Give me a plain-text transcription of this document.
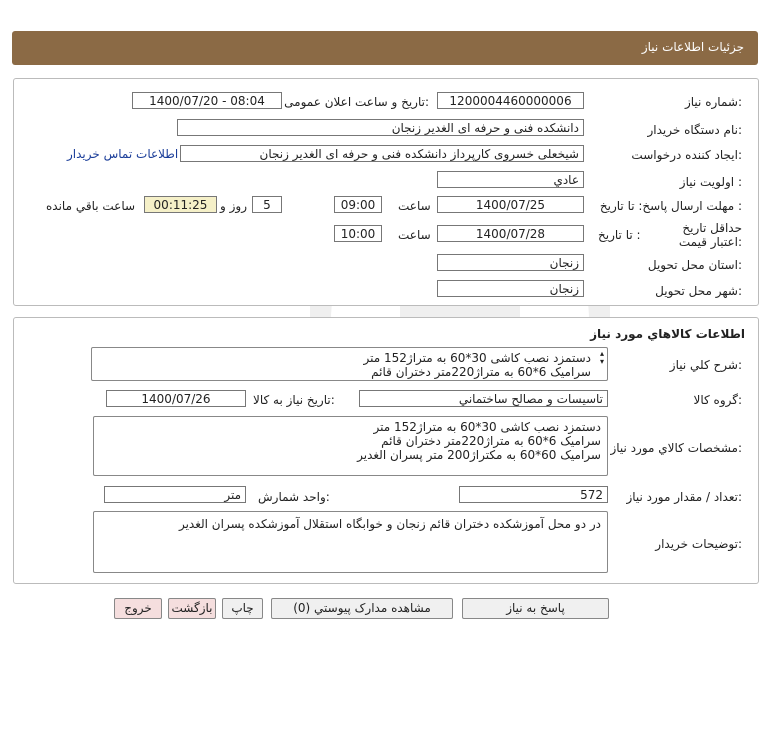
جزئيات اطلاعات نياز
شماره نياز:
1200004460000006
تاريخ و ساعت اعلان عمومی:
1400/07/20 - 08:04
نام دستگاه خريدار:
دانشکده فنی و حرفه ای الغدير زنجان
ايجاد کننده درخواست:
شيخعلی خسروی کارپرداز دانشکده فنی و حرفه ای الغدير زنجان
اطلاعات تماس خريدار
اولويت نياز :
عادي
مهلت ارسال پاسخ: تا تاريخ :
1400/07/25
ساعت
09:00
5
روز و
00:11:25
ساعت باقي مانده
حداقل تاريخ اعتبار قيمت:
تا تاريخ :
1400/07/28
ساعت
10:00
استان محل تحويل:
زنجان
شهر محل تحويل:
زنجان
اطلاعات کالاهاي مورد نياز
شرح کلي نياز:
دستمزد نصب کاشی 30*60 به متراژ152 متر
سرامیک 6*60 به متراژ220متر دختران قائم
▴
▾
گروه کالا:
تاسيسات و مصالح ساختماني
تاريخ نياز به کالا:
1400/07/26
مشخصات کالاي مورد نياز:
دستمزد نصب کاشی 30*60 به متراژ152 متر
سرامیک 6*60 به متراژ220متر دختران قائم
سرامیک 60*60 به مکتراژ200 متر پسران الغدیر
تعداد / مقدار مورد نياز:
572
واحد شمارش:
متر
توضيحات خريدار:
در دو محل آموزشکده دختران قائم زنجان و خوابگاه استقلال آموزشکده پسران الغدیر
پاسخ به نياز
مشاهده مدارک پيوستي (0)
چاپ
بازگشت
خروج
